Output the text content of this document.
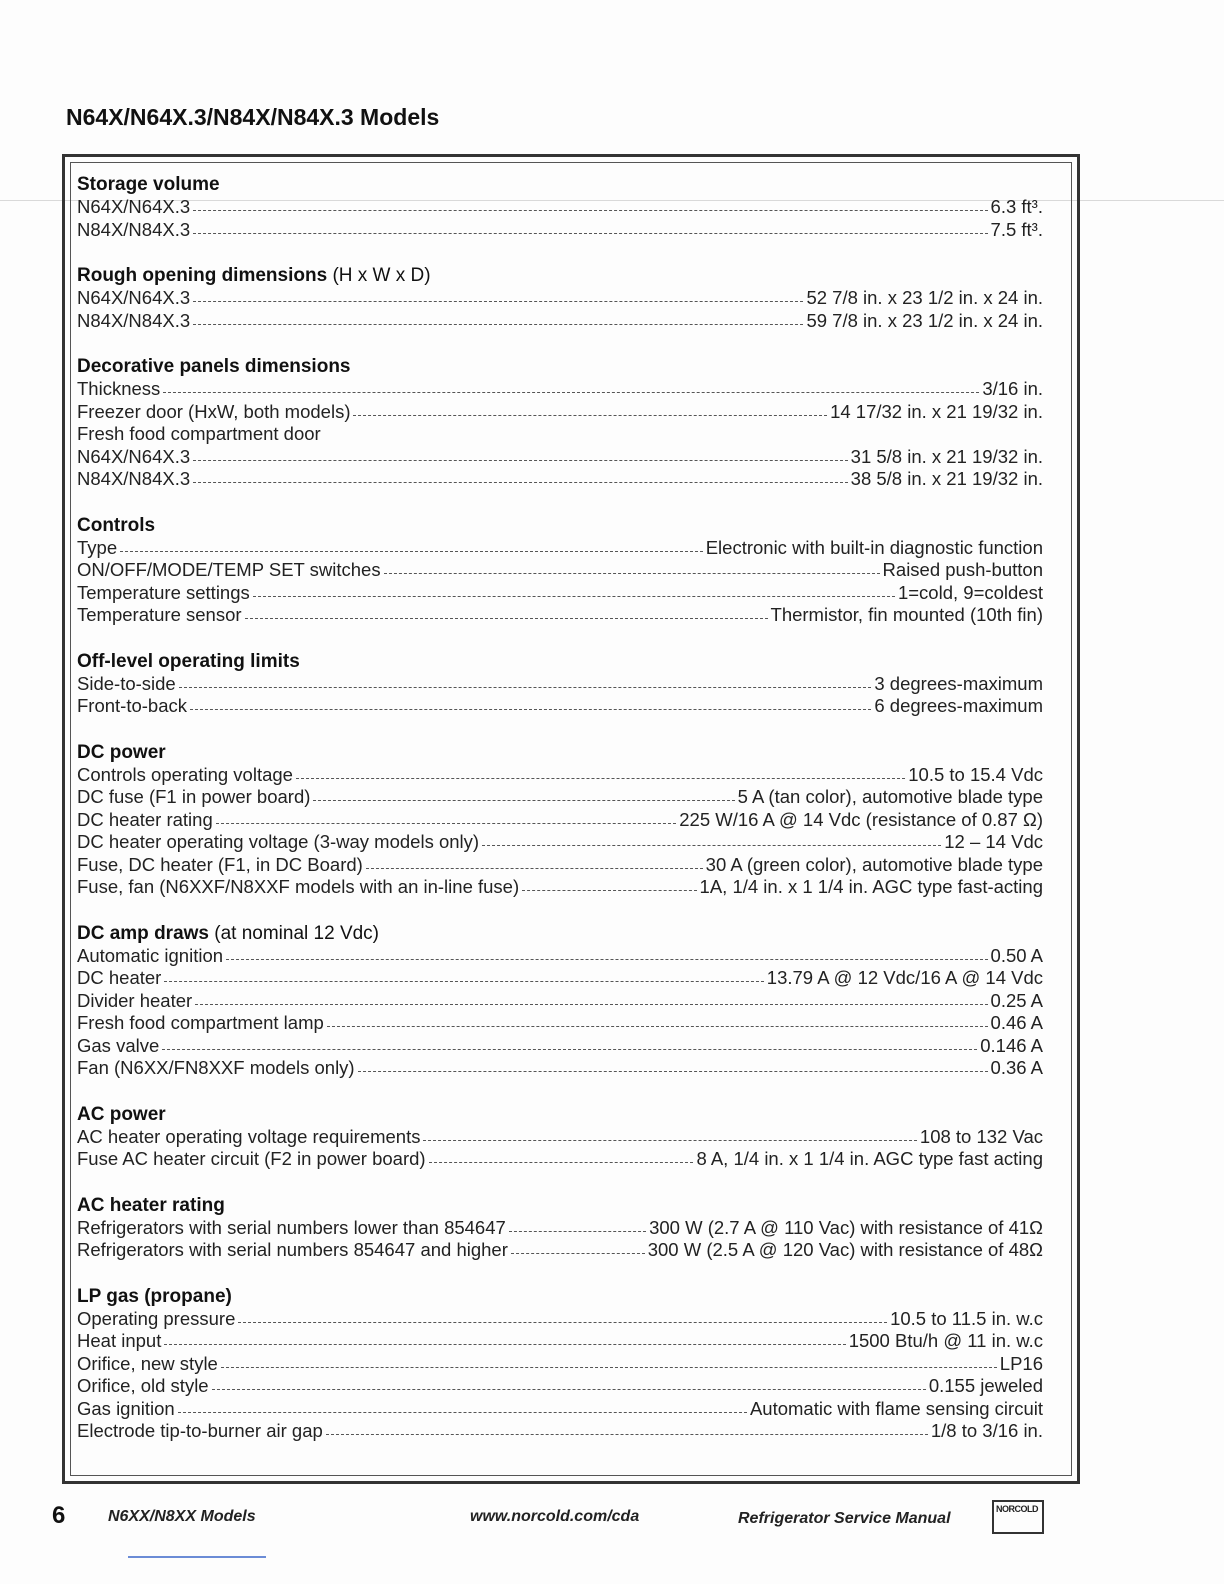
N64X/N64X.3/N84X/N84X.3 Models
Storage volume
N64X/N64X.3	6.3 ft³.
N84X/N84X.3	7.5 ft³.
Rough opening dimensions (H x W x D)
N64X/N64X.3	52 7/8 in. x 23 1/2 in. x 24 in.
N84X/N84X.3	59 7/8 in. x 23 1/2 in. x 24 in.
Decorative panels dimensions
Thickness	3/16 in.
Freezer door (HxW, both models)	14 17/32 in. x 21 19/32 in.
Fresh food compartment door
N64X/N64X.3	31 5/8 in. x 21 19/32 in.
N84X/N84X.3	38 5/8 in. x 21 19/32 in.
Controls
Type	Electronic with built-in diagnostic function
ON/OFF/MODE/TEMP SET switches	Raised push-button
Temperature settings	1=cold, 9=coldest
Temperature sensor	Thermistor, fin mounted (10th fin)
Off-level operating limits
Side-to-side	3 degrees-maximum
Front-to-back	6 degrees-maximum
DC power
Controls operating voltage	10.5 to 15.4 Vdc
DC fuse (F1 in power board)	5 A (tan color), automotive blade type
DC heater rating	225 W/16 A @ 14 Vdc (resistance of 0.87 Ω)
DC heater operating voltage (3-way models only)	12 – 14 Vdc
Fuse, DC heater (F1, in DC Board)	30 A (green color), automotive blade type
Fuse, fan (N6XXF/N8XXF models with an in-line fuse)	1A, 1/4 in. x 1 1/4 in. AGC type fast-acting
DC amp draws (at nominal 12 Vdc)
Automatic ignition	0.50 A
DC heater	13.79 A @ 12 Vdc/16 A @ 14 Vdc
Divider heater	0.25 A
Fresh food compartment lamp	0.46 A
Gas valve	0.146 A
Fan (N6XX/FN8XXF models only)	0.36 A
AC power
AC heater operating voltage requirements	108 to 132 Vac
Fuse AC heater circuit (F2 in power board)	8 A, 1/4 in. x 1 1/4 in. AGC type fast acting
AC heater rating
Refrigerators with serial numbers lower than 854647	300 W (2.7 A @ 110 Vac) with resistance of 41Ω
Refrigerators with serial numbers 854647 and higher	300 W (2.5 A @ 120 Vac) with resistance of 48Ω
LP gas (propane)
Operating pressure	10.5 to 11.5 in. w.c
Heat input	1500 Btu/h @ 11 in. w.c
Orifice, new style	LP16
Orifice, old style	0.155 jeweled
Gas ignition	Automatic with flame sensing circuit
Electrode tip-to-burner air gap	1/8 to 3/16 in.
6	N6XX/N8XX Models	www.norcold.com/cda	Refrigerator Service Manual
NORCOLD
